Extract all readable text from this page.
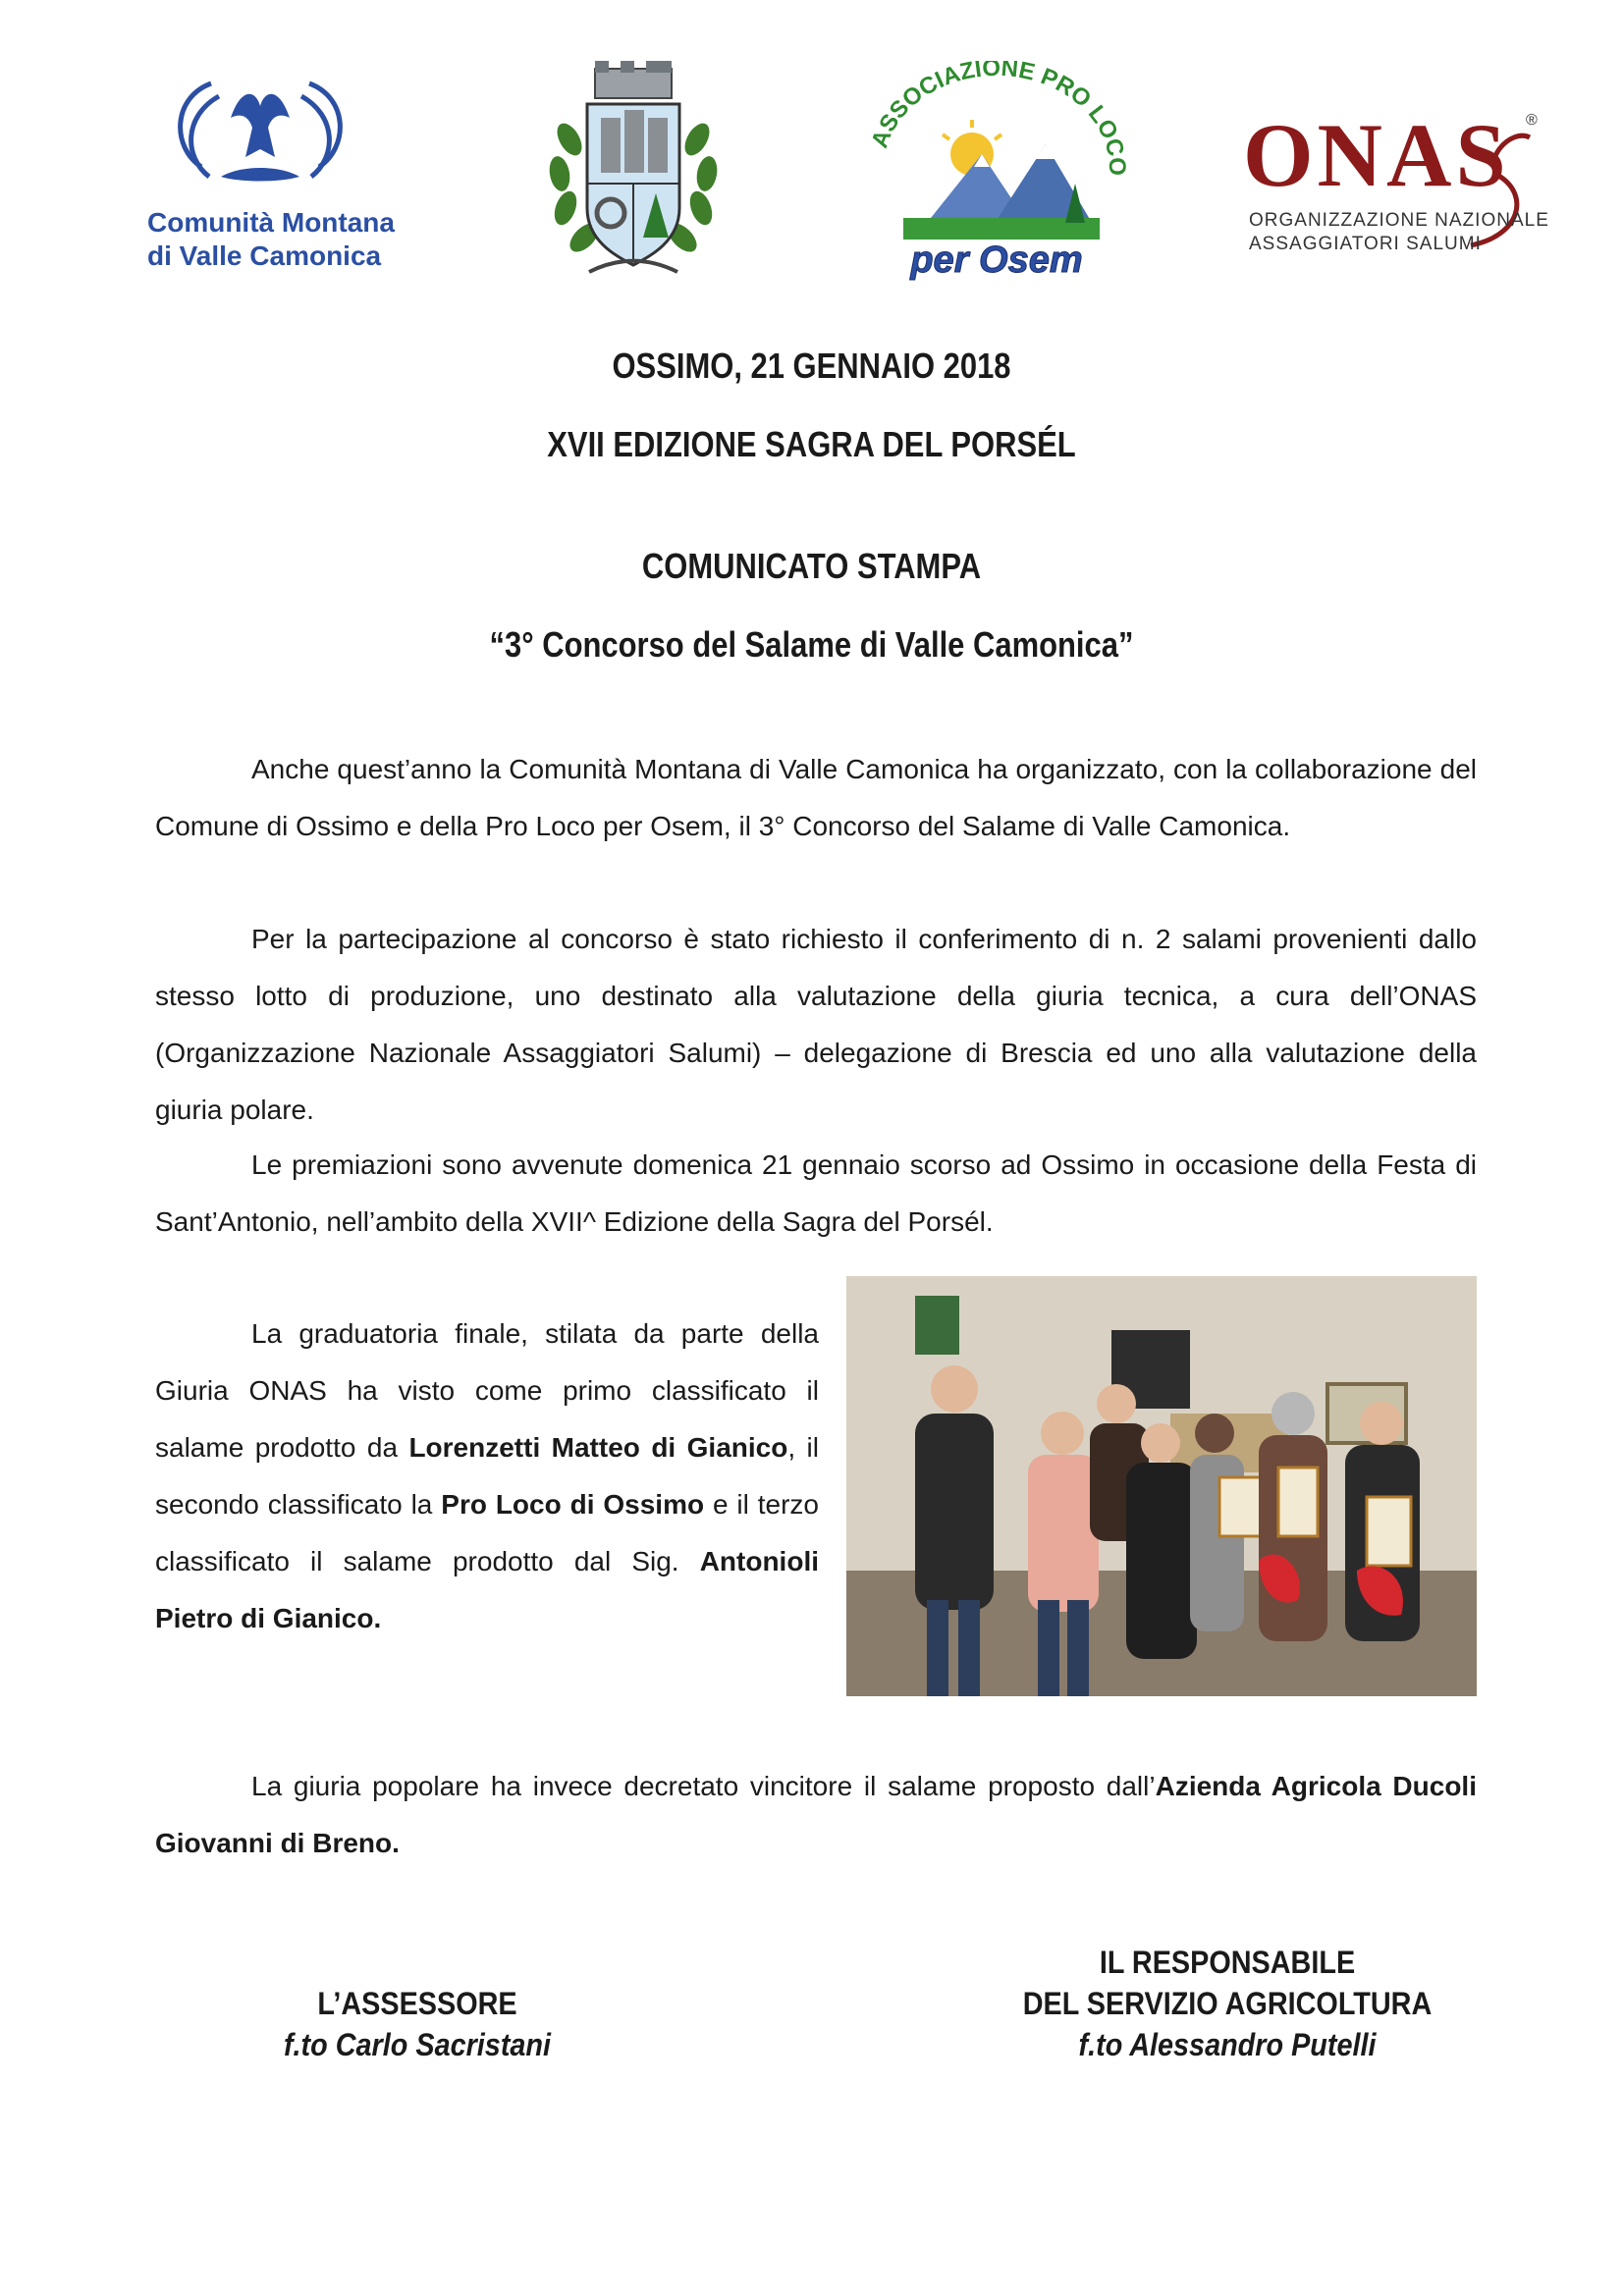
Comunità Montana
di Valle Camonica
ASSOCIAZIONE PRO LOCO
per Osem
ONAS ®
ORGANIZZAZIONE NAZIONALE
ASSAGGIATORI SALUMI
OSSIMO, 21 GENNAIO 2018
XVII EDIZIONE SAGRA DEL PORSÉL
COMUNICATO STAMPA
“3° Concorso del Salame di Valle Camonica”
Anche quest’anno la Comunità Montana di Valle Camonica ha organizzato, con la collaborazione del Comune di Ossimo e della Pro Loco per Osem, il 3° Concorso del Salame di Valle Camonica.
Per la partecipazione al concorso è stato richiesto il conferimento di n. 2 salami provenienti dallo stesso lotto di produzione, uno destinato alla valutazione della giuria tecnica, a cura dell’ONAS (Organizzazione Nazionale Assaggiatori Salumi) – delegazione di Brescia ed uno alla valutazione della giuria polare.
Le premiazioni sono avvenute domenica 21 gennaio scorso ad Ossimo in occasione della Festa di Sant’Antonio, nell’ambito della XVII^ Edizione della Sagra del Porsél.
La graduatoria finale, stilata da parte della Giuria ONAS ha visto come primo classificato il salame prodotto da Lorenzetti Matteo di Gianico, il secondo classificato la Pro Loco di Ossimo e il terzo classificato il salame prodotto dal Sig. Antonioli Pietro di Gianico.
La giuria popolare ha invece decretato vincitore il salame proposto dall’Azienda Agricola Ducoli Giovanni di Breno.
L’ASSESSORE
f.to Carlo Sacristani
IL RESPONSABILE
DEL SERVIZIO AGRICOLTURA
f.to Alessandro Putelli
